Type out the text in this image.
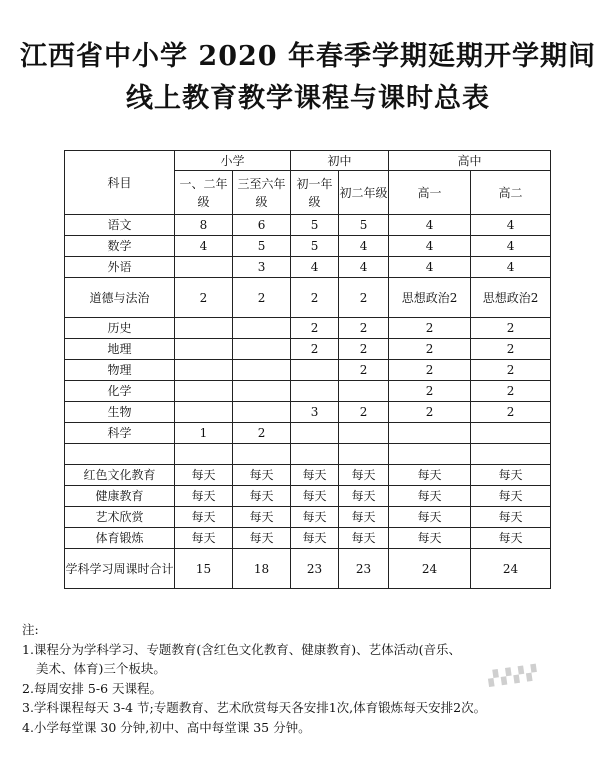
江西省中小学 2020 年春季学期延期开学期间
线上教育教学课程与课时总表
科目	小学		初中		高中	
	一、二年级	三至六年级	初一年级	初二年级	高一	高二
语文	8	6	5	5	4	4
数学	4	5	5	4	4	4
外语		3	4	4	4	4
道德与法治	2	2	2	2	思想政治2	思想政治2
历史			2	2	2	2
地理			2	2	2	2
物理				2	2	2
化学					2	2
生物			3	2	2	2
科学	1	2				

红色文化教育	每天	每天	每天	每天	每天	每天
健康教育	每天	每天	每天	每天	每天	每天
艺术欣赏	每天	每天	每天	每天	每天	每天
体育锻炼	每天	每天	每天	每天	每天	每天
学科学习周课时合计	15	18	23	23	24	24
注:
1.课程分为学科学习、专题教育(含红色文化教育、健康教育)、艺体活动(音乐、
美术、体育)三个板块。
2.每周安排 5-6 天课程。
3.学科课程每天 3-4 节;专题教育、艺术欣赏每天各安排1次,体育锻炼每天安排2次。
4.小学每堂课 30 分钟,初中、高中每堂课 35 分钟。
▞▞▞▞
